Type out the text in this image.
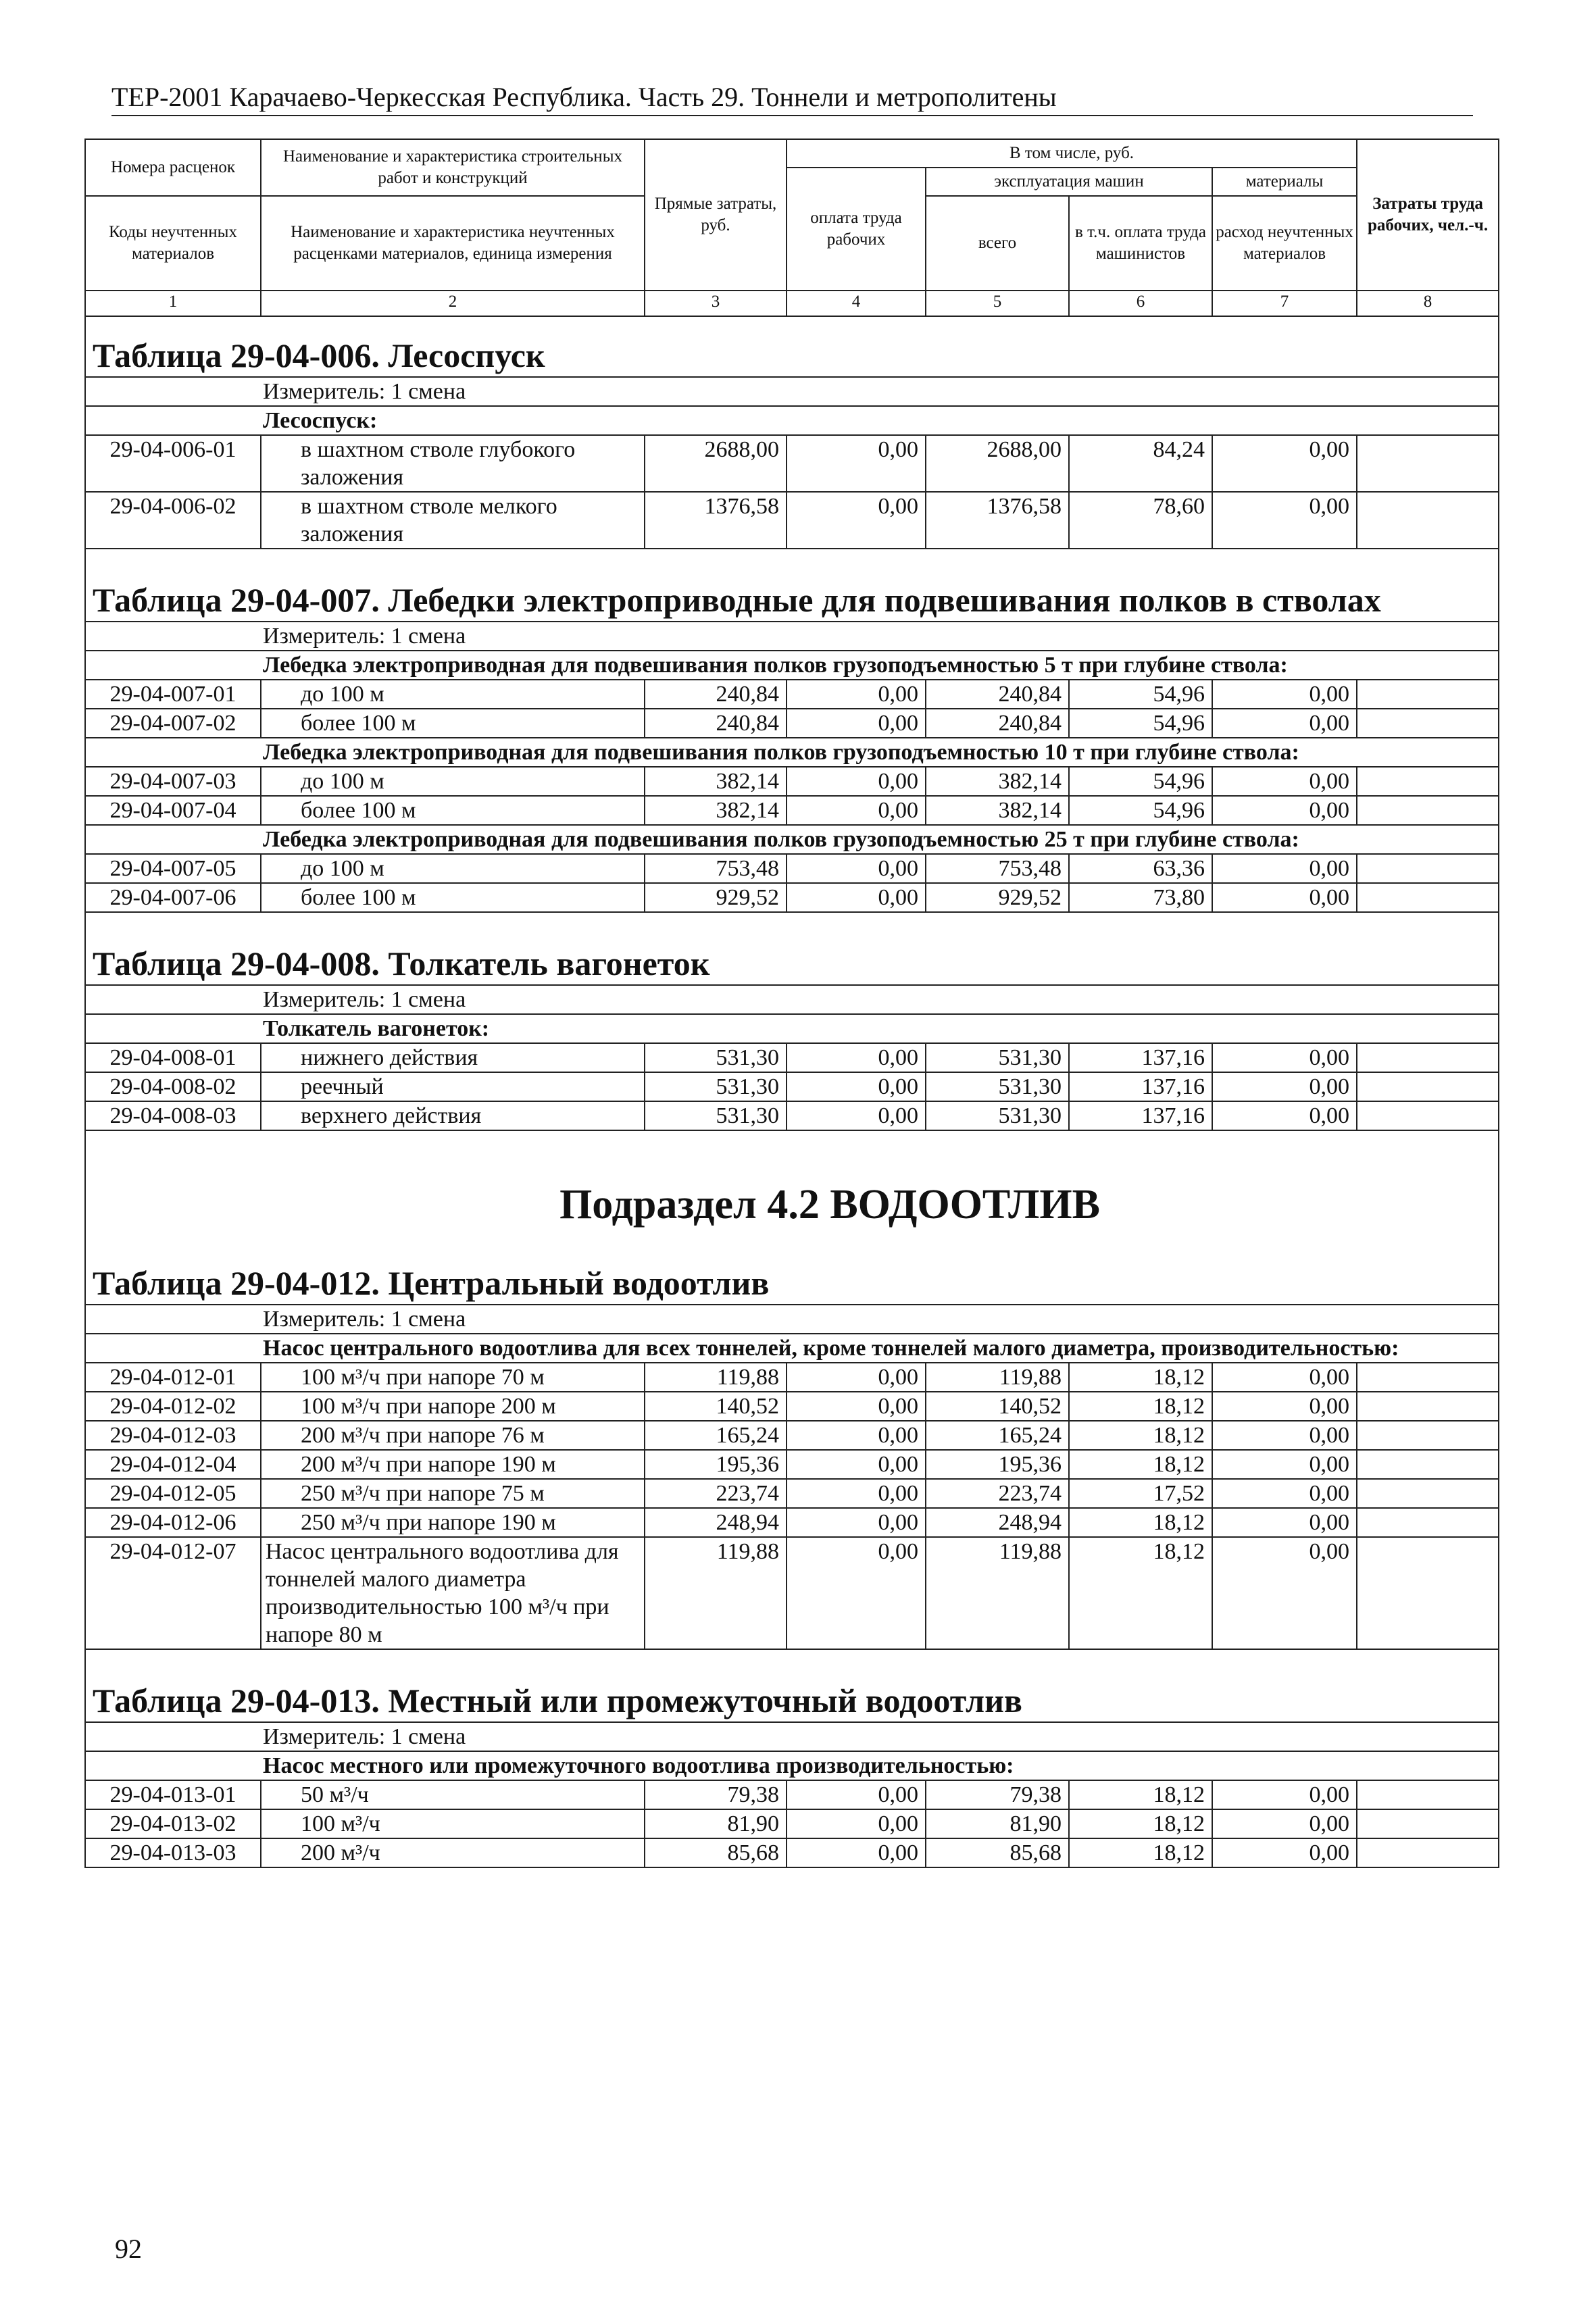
ТЕР-2001 Карачаево-Черкесская Республика. Часть 29. Тоннели и метрополитены
Номера расценок	Наименование и характеристика строительных работ и конструкций	Прямые затраты, руб.	В том числе, руб.				Затраты труда рабочих, чел.-ч.
			оплата труда рабочих	эксплуатация машин		материалы	
Коды неучтенных материалов	Наименование и характеристика неучтенных расценками материалов, единица измерения			всего	в т.ч. оплата труда машинистов	расход неучтенных материалов	

1	2	3	4	5	6	7	8
Таблица 29-04-006. Лесоспуск							
Измеритель: 1 смена							
Лесоспуск:							
29-04-006-01	в шахтном стволе глубокого заложения	2688,00	0,00	2688,00	84,24	0,00	
29-04-006-02	в шахтном стволе мелкого заложения	1376,58	0,00	1376,58	78,60	0,00	
Таблица 29-04-007. Лебедки электроприводные для подвешивания полков в стволах							
Измеритель: 1 смена							
Лебедка электроприводная для подвешивания полков грузоподъемностью 5 т при глубине ствола:							
29-04-007-01	до 100 м	240,84	0,00	240,84	54,96	0,00	
29-04-007-02	более 100 м	240,84	0,00	240,84	54,96	0,00	
Лебедка электроприводная для подвешивания полков грузоподъемностью 10 т при глубине ствола:							
29-04-007-03	до 100 м	382,14	0,00	382,14	54,96	0,00	
29-04-007-04	более 100 м	382,14	0,00	382,14	54,96	0,00	
Лебедка электроприводная для подвешивания полков грузоподъемностью 25 т при глубине ствола:							
29-04-007-05	до 100 м	753,48	0,00	753,48	63,36	0,00	
29-04-007-06	более 100 м	929,52	0,00	929,52	73,80	0,00	
Таблица 29-04-008. Толкатель вагонеток							
Измеритель: 1 смена							
Толкатель вагонеток:							
29-04-008-01	нижнего действия	531,30	0,00	531,30	137,16	0,00	
29-04-008-02	реечный	531,30	0,00	531,30	137,16	0,00	
29-04-008-03	верхнего действия	531,30	0,00	531,30	137,16	0,00	
Подраздел 4.2 ВОДООТЛИВ							
Таблица 29-04-012. Центральный водоотлив							
Измеритель: 1 смена							
Насос центрального водоотлива для всех тоннелей, кроме тоннелей малого диаметра, производительностью:							
29-04-012-01	100 м³/ч при напоре 70 м	119,88	0,00	119,88	18,12	0,00	
29-04-012-02	100 м³/ч при напоре 200 м	140,52	0,00	140,52	18,12	0,00	
29-04-012-03	200 м³/ч при напоре 76 м	165,24	0,00	165,24	18,12	0,00	
29-04-012-04	200 м³/ч при напоре 190 м	195,36	0,00	195,36	18,12	0,00	
29-04-012-05	250 м³/ч при напоре 75 м	223,74	0,00	223,74	17,52	0,00	
29-04-012-06	250 м³/ч при напоре 190 м	248,94	0,00	248,94	18,12	0,00	
29-04-012-07	Насос центрального водоотлива для тоннелей малого диаметра производительностью 100 м³/ч при напоре 80 м	119,88	0,00	119,88	18,12	0,00	
Таблица 29-04-013. Местный или промежуточный водоотлив							
Измеритель: 1 смена							
Насос местного или промежуточного водоотлива производительностью:							
29-04-013-01	50 м³/ч	79,38	0,00	79,38	18,12	0,00	
29-04-013-02	100 м³/ч	81,90	0,00	81,90	18,12	0,00	
29-04-013-03	200 м³/ч	85,68	0,00	85,68	18,12	0,00	
92
